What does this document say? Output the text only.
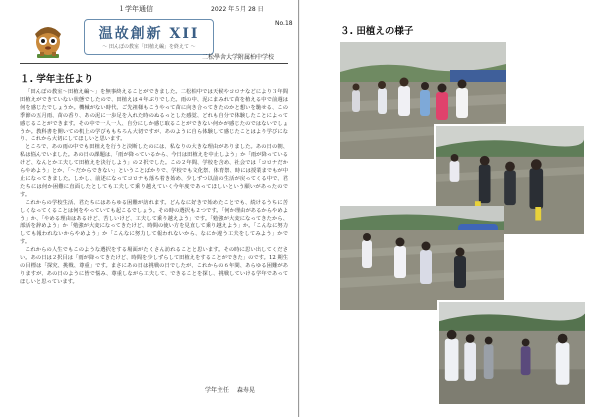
１学年通信	2022 年５月 28 日
温故創新 XII
～ 田んぼの教室「田植え編」を終えて ～
No.18
二松學舍大学附属柏中学校
１. 学年主任より

「田んぼの教室～田植え編～」を無事終えることができました。二松柏中では天候やコロナなどにより３年間田植えができていない状態でしたので、田植えは４年ぶりでした。雨の中、泥にまみれて苗を植える中で前週は何を感じたでしょうか。機械がない時代、ご先祖様もこうやって苗に向き合ってきたのかと想いを馳せる、この季節の五月雨、苗の香り、あの泥に一歩足を入れた時のぬるっとした感覚、どれも自分で体験したことによって感じることができます。その中で一人一人、自分にしか感じ取ることができない何かが感じたのではないでしょうか。教科書を開いての机上の学びももちろん大切ですが、あのように自ら体験して感じたことはより学びになり、これから大切にしてほしいと思います。

ところで、あの雨の中でも田植えを行うと決断したのには、私なりの大きな理由がありました。あの日の朝、私は悩んでいました。あの日の課題は、「雨が降っているから、今日は田植えを中止しよう」か「雨が降っているけど、なんとか工夫して田植えを決行しよう」の２択でした。この２年間、学校を含め、社会では「コロナだからやめよう」とか、「〜だからできない」ということばかりで、学校でも文化祭、体育祭、時には授業までもが中止になってきました。しかし、前述になってコロナも落ち着き始め、少しずつ以前の生活が戻ってくる中で、君たちには何か困難に直面したとしても工夫して乗り越えていく今年度であってほしいという願いがあったのです。

これからの学校生活、君たちにはあらゆる困難が訪れます。どんなに好きで始めたことでも、続けるうちに苦しくなってくることは何をやっていても起こるでしょう。その時の選択も２つです。「何か理由があるからやめよう」か、「やめる理由はあるけど、苦しいけど、工夫して乗り越えよう」です。「勉強が大変になってきたから、部活を辞めよう」か「勉強が大変になってきたけど、時間の使い方を見直して乗り越えよう」か。「こんなに努力しても報われないからやめよう」か「こんなに努力して報われないから、なにか違う工夫をしてみよう」かです。

これからの人生でもこのような選択をする場面がたくさん訪れることと思います。その時に思い出してください。あの日は２択目は「雨が降ってきたけど、時間を少しずらして田植えをすることができた」のです。12 期生の目標は「探究、挑戦、尊重」です。まさにあの日は挑戦の日でしたが、これからの６年間、あらゆる困難がありますが、あの日のように皆で悩み、尊重しながら工夫して、できることを探し、挑戦していける学年であってほしいと思っています。

学年主任 森寿晃
３. 田植えの様子
